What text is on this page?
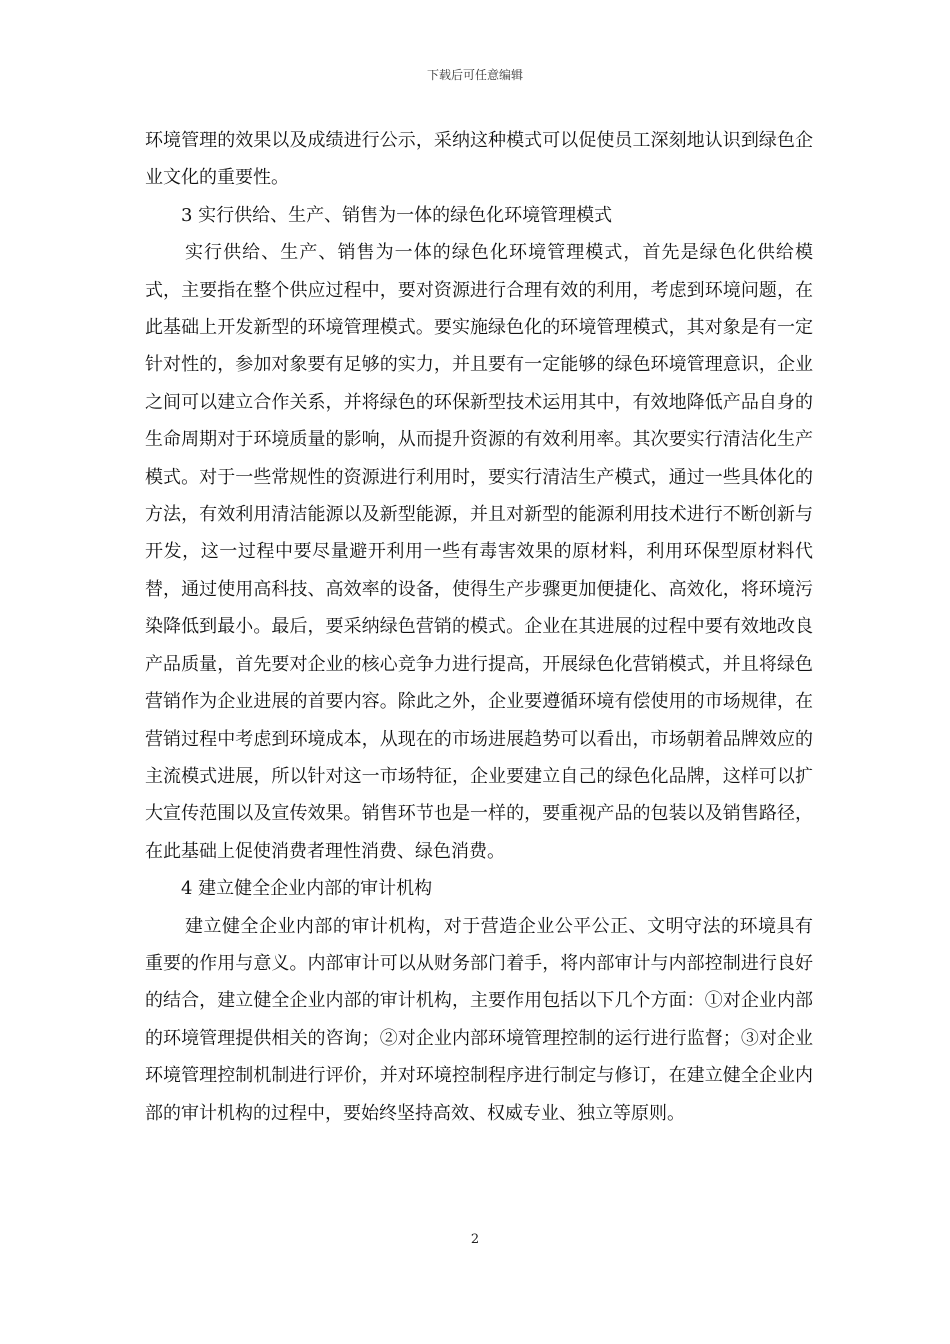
下载后可任意编辑

环境管理的效果以及成绩进行公示，采纳这种模式可以促使员工深刻地认识到绿色企业文化的重要性。

3 实行供给、生产、销售为一体的绿色化环境管理模式

实行供给、生产、销售为一体的绿色化环境管理模式，首先是绿色化供给模式，主要指在整个供应过程中，要对资源进行合理有效的利用，考虑到环境问题，在此基础上开发新型的环境管理模式。要实施绿色化的环境管理模式，其对象是有一定针对性的，参加对象要有足够的实力，并且要有一定能够的绿色环境管理意识，企业之间可以建立合作关系，并将绿色的环保新型技术运用其中，有效地降低产品自身的生命周期对于环境质量的影响，从而提升资源的有效利用率。其次要实行清洁化生产模式。对于一些常规性的资源进行利用时，要实行清洁生产模式，通过一些具体化的方法，有效利用清洁能源以及新型能源，并且对新型的能源利用技术进行不断创新与开发，这一过程中要尽量避开利用一些有毒害效果的原材料，利用环保型原材料代替，通过使用高科技、高效率的设备，使得生产步骤更加便捷化、高效化，将环境污染降低到最小。最后，要采纳绿色营销的模式。企业在其进展的过程中要有效地改良产品质量，首先要对企业的核心竞争力进行提高，开展绿色化营销模式，并且将绿色营销作为企业进展的首要内容。除此之外，企业要遵循环境有偿使用的市场规律，在营销过程中考虑到环境成本，从现在的市场进展趋势可以看出，市场朝着品牌效应的主流模式进展，所以针对这一市场特征，企业要建立自己的绿色化品牌，这样可以扩大宣传范围以及宣传效果。销售环节也是一样的，要重视产品的包装以及销售路径，在此基础上促使消费者理性消费、绿色消费。

4 建立健全企业内部的审计机构

建立健全企业内部的审计机构，对于营造企业公平公正、文明守法的环境具有重要的作用与意义。内部审计可以从财务部门着手，将内部审计与内部控制进行良好的结合，建立健全企业内部的审计机构，主要作用包括以下几个方面：①对企业内部的环境管理提供相关的咨询；②对企业内部环境管理控制的运行进行监督；③对企业环境管理控制机制进行评价，并对环境控制程序进行制定与修订，在建立健全企业内部的审计机构的过程中，要始终坚持高效、权威专业、独立等原则。

2
